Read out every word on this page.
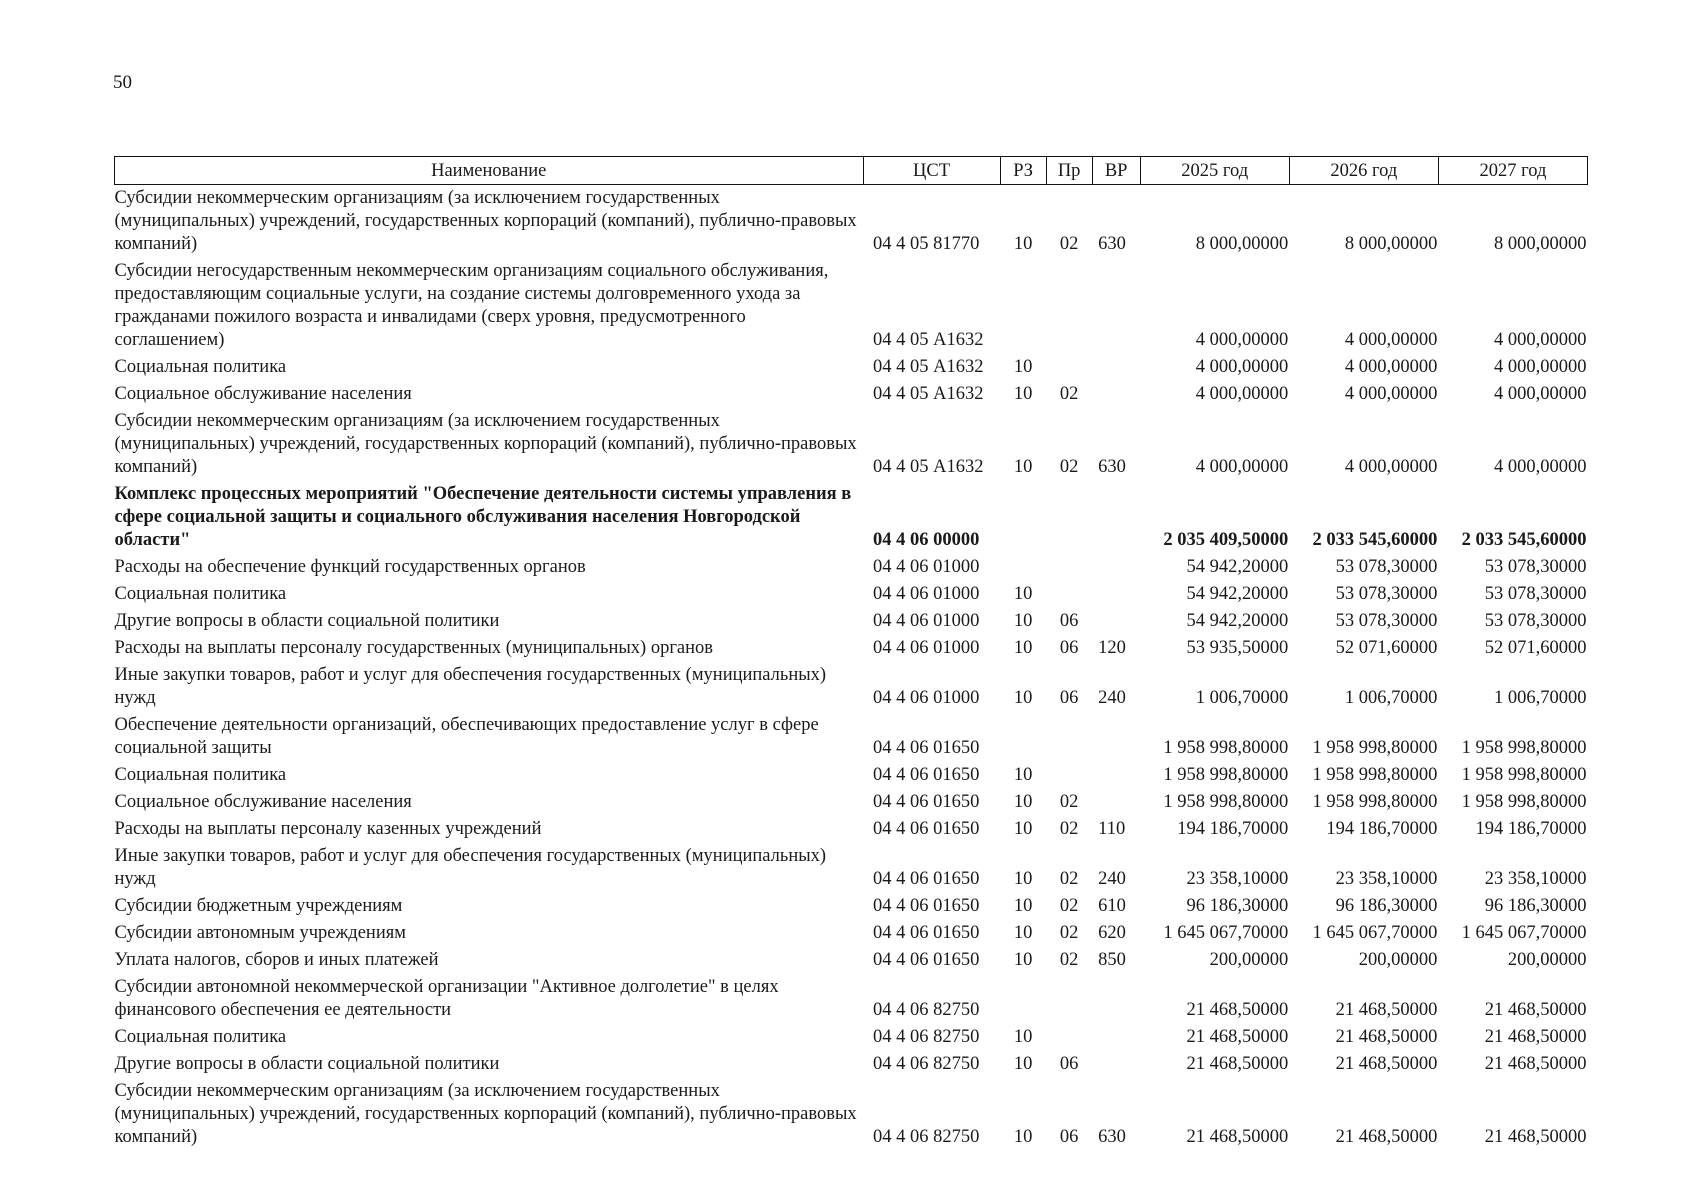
50
Наименование	ЦСТ	РЗ	Пр	ВР	2025 год	2026 год	2027 год
Субсидии некоммерческим организациям (за исключением государственных (муниципальных) учреждений, государственных корпораций (компаний), публично-правовых компаний)	04 4 05 81770	10	02	630	8 000,00000	8 000,00000	8 000,00000
Субсидии негосударственным некоммерческим организациям социального обслуживания, предоставляющим социальные услуги, на создание системы долговременного ухода за гражданами пожилого возраста и инвалидами (сверх уровня, предусмотренного соглашением)	04 4 05 А1632				4 000,00000	4 000,00000	4 000,00000
Социальная политика	04 4 05 А1632	10			4 000,00000	4 000,00000	4 000,00000
Социальное обслуживание населения	04 4 05 А1632	10	02		4 000,00000	4 000,00000	4 000,00000
Субсидии некоммерческим организациям (за исключением государственных (муниципальных) учреждений, государственных корпораций (компаний), публично-правовых компаний)	04 4 05 А1632	10	02	630	4 000,00000	4 000,00000	4 000,00000
Комплекс процессных мероприятий "Обеспечение деятельности системы управления в сфере социальной защиты и социального обслуживания населения Новгородской области"	04 4 06 00000				2 035 409,50000	2 033 545,60000	2 033 545,60000
Расходы на обеспечение функций государственных органов	04 4 06 01000				54 942,20000	53 078,30000	53 078,30000
Социальная политика	04 4 06 01000	10			54 942,20000	53 078,30000	53 078,30000
Другие вопросы в области социальной политики	04 4 06 01000	10	06		54 942,20000	53 078,30000	53 078,30000
Расходы на выплаты персоналу государственных (муниципальных) органов	04 4 06 01000	10	06	120	53 935,50000	52 071,60000	52 071,60000
Иные закупки товаров, работ и услуг для обеспечения государственных (муниципальных) нужд	04 4 06 01000	10	06	240	1 006,70000	1 006,70000	1 006,70000
Обеспечение деятельности организаций, обеспечивающих предоставление услуг в сфере социальной защиты	04 4 06 01650				1 958 998,80000	1 958 998,80000	1 958 998,80000
Социальная политика	04 4 06 01650	10			1 958 998,80000	1 958 998,80000	1 958 998,80000
Социальное обслуживание населения	04 4 06 01650	10	02		1 958 998,80000	1 958 998,80000	1 958 998,80000
Расходы на выплаты персоналу казенных учреждений	04 4 06 01650	10	02	110	194 186,70000	194 186,70000	194 186,70000
Иные закупки товаров, работ и услуг для обеспечения государственных (муниципальных) нужд	04 4 06 01650	10	02	240	23 358,10000	23 358,10000	23 358,10000
Субсидии бюджетным учреждениям	04 4 06 01650	10	02	610	96 186,30000	96 186,30000	96 186,30000
Субсидии автономным учреждениям	04 4 06 01650	10	02	620	1 645 067,70000	1 645 067,70000	1 645 067,70000
Уплата налогов, сборов и иных платежей	04 4 06 01650	10	02	850	200,00000	200,00000	200,00000
Субсидии автономной некоммерческой организации "Активное долголетие" в целях финансового обеспечения ее деятельности	04 4 06 82750				21 468,50000	21 468,50000	21 468,50000
Социальная политика	04 4 06 82750	10			21 468,50000	21 468,50000	21 468,50000
Другие вопросы в области социальной политики	04 4 06 82750	10	06		21 468,50000	21 468,50000	21 468,50000
Субсидии некоммерческим организациям (за исключением государственных (муниципальных) учреждений, государственных корпораций (компаний), публично-правовых компаний)	04 4 06 82750	10	06	630	21 468,50000	21 468,50000	21 468,50000
